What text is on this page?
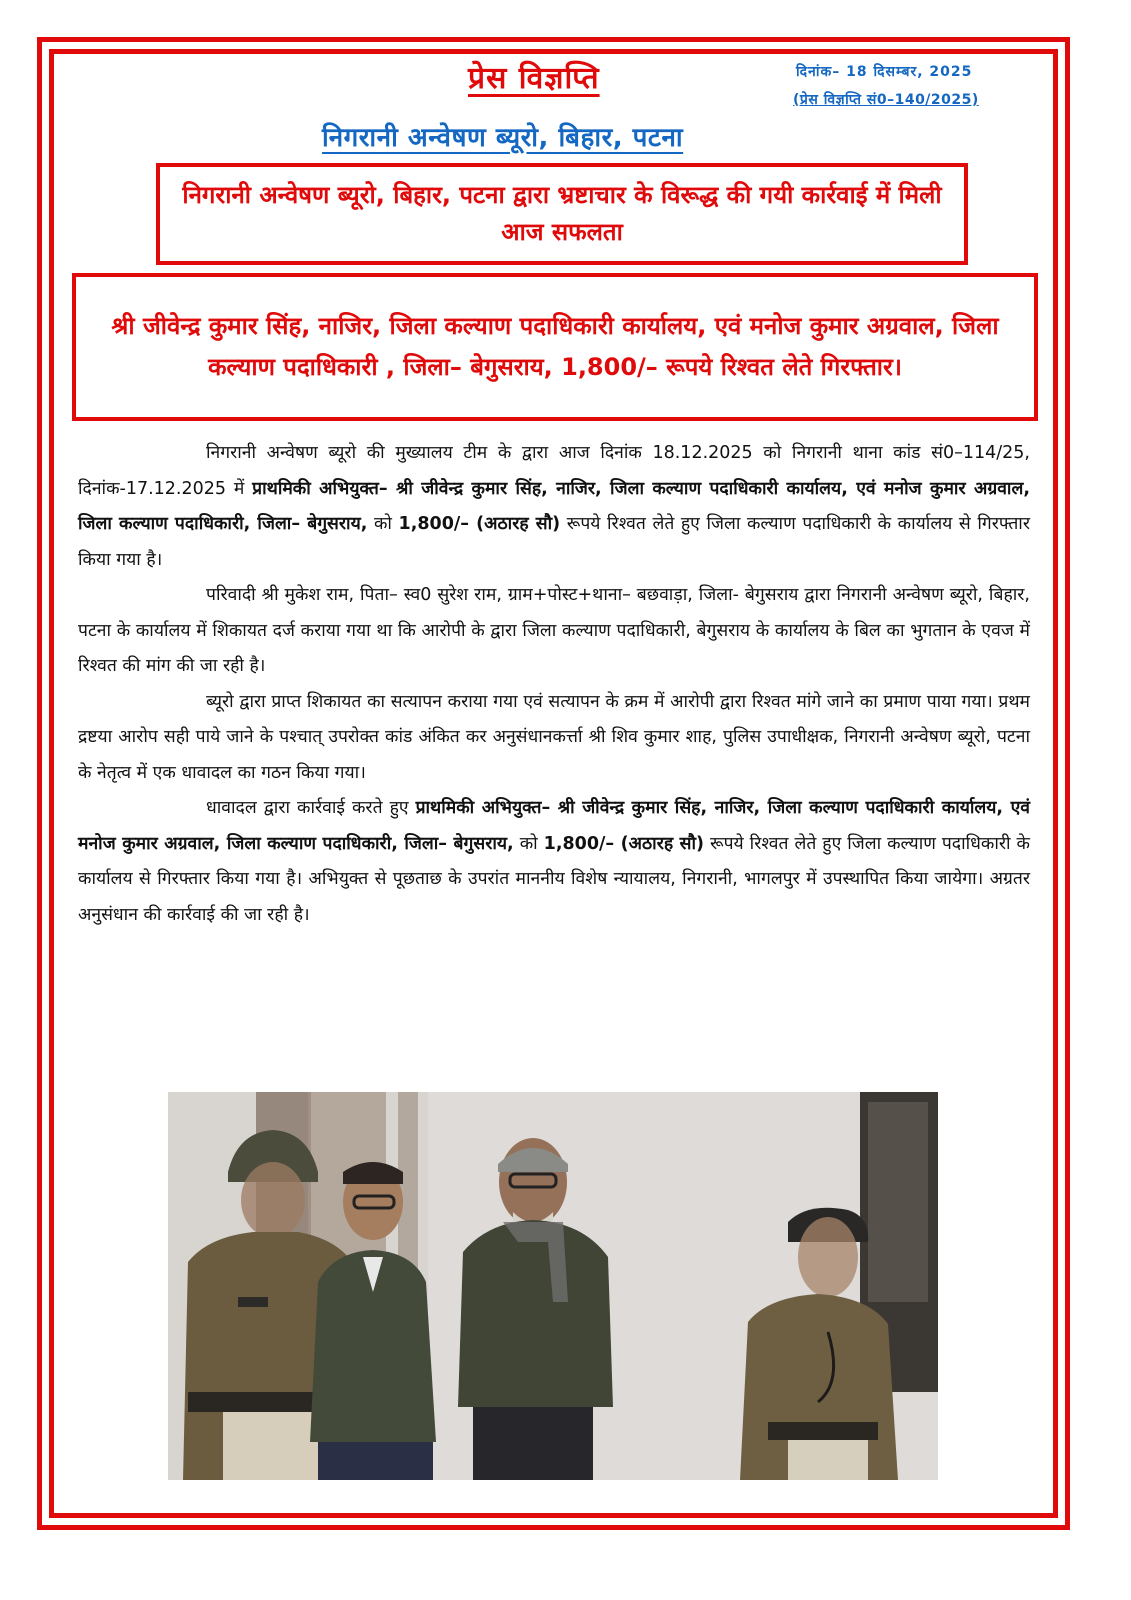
प्रेस विज्ञप्ति	दिनांक– 18 दिसम्बर, 2025
(प्रेस विज्ञप्ति सं0–140/2025)
निगरानी अन्वेषण ब्यूरो, बिहार, पटना
निगरानी अन्वेषण ब्यूरो, बिहार, पटना द्वारा भ्रष्टाचार के विरूद्ध की गयी कार्रवाई में मिली आज सफलता
श्री जीवेन्द्र कुमार सिंह, नाजिर, जिला कल्याण पदाधिकारी कार्यालय, एवं मनोज कुमार अग्रवाल, जिला कल्याण पदाधिकारी , जिला– बेगुसराय, 1,800/– रूपये रिश्वत लेते गिरफ्तार।

निगरानी अन्वेषण ब्यूरो की मुख्यालय टीम के द्वारा आज दिनांक 18.12.2025 को निगरानी थाना कांड सं0–114/25, दिनांक-17.12.2025 में प्राथमिकी अभियुक्त– श्री जीवेन्द्र कुमार सिंह, नाजिर, जिला कल्याण पदाधिकारी कार्यालय, एवं मनोज कुमार अग्रवाल, जिला कल्याण पदाधिकारी, जिला– बेगुसराय, को 1,800/– (अठारह सौ) रूपये रिश्वत लेते हुए जिला कल्याण पदाधिकारी के कार्यालय से गिरफ्तार किया गया है।

परिवादी श्री मुकेश राम, पिता– स्व0 सुरेश राम, ग्राम+पोस्ट+थाना– बछवाड़ा, जिला- बेगुसराय द्वारा निगरानी अन्वेषण ब्यूरो, बिहार, पटना के कार्यालय में शिकायत दर्ज कराया गया था कि आरोपी के द्वारा जिला कल्याण पदाधिकारी, बेगुसराय के कार्यालय के बिल का भुगतान के एवज में रिश्वत की मांग की जा रही है।

ब्यूरो द्वारा प्राप्त शिकायत का सत्यापन कराया गया एवं सत्यापन के क्रम में आरोपी द्वारा रिश्वत मांगे जाने का प्रमाण पाया गया। प्रथम द्रष्टया आरोप सही पाये जाने के पश्चात् उपरोक्त कांड अंकित कर अनुसंधानकर्त्ता श्री शिव कुमार शाह, पुलिस उपाधीक्षक, निगरानी अन्वेषण ब्यूरो, पटना के नेतृत्व में एक धावादल का गठन किया गया।

धावादल द्वारा कार्रवाई करते हुए प्राथमिकी अभियुक्त– श्री जीवेन्द्र कुमार सिंह, नाजिर, जिला कल्याण पदाधिकारी कार्यालय, एवं मनोज कुमार अग्रवाल, जिला कल्याण पदाधिकारी, जिला– बेगुसराय, को 1,800/– (अठारह सौ) रूपये रिश्वत लेते हुए जिला कल्याण पदाधिकारी के कार्यालय से गिरफ्तार किया गया है। अभियुक्त से पूछताछ के उपरांत माननीय विशेष न्यायालय, निगरानी, भागलपुर में उपस्थापित किया जायेगा। अग्रतर अनुसंधान की कार्रवाई की जा रही है।
